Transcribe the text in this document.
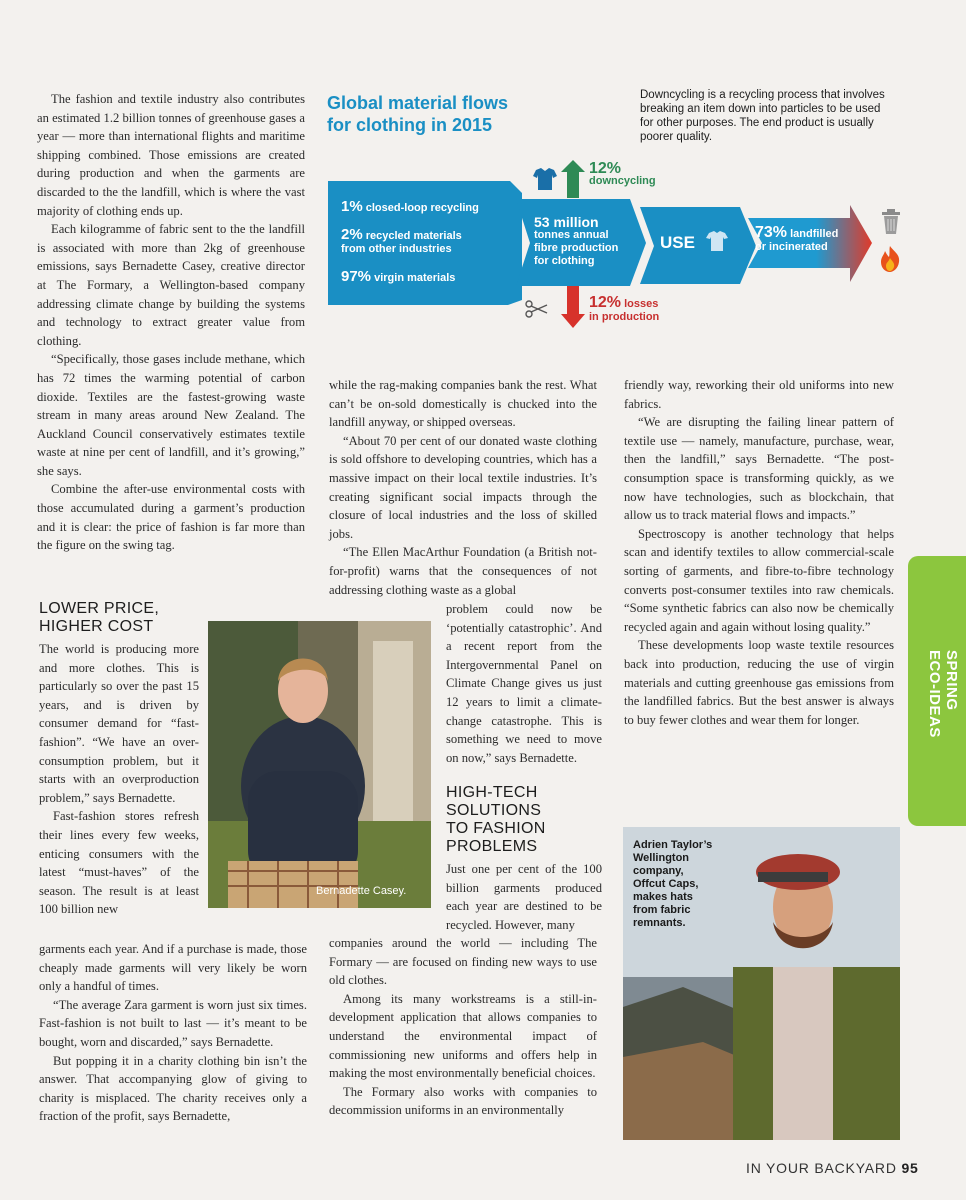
Global material flows
for clothing in 2015
Downcycling is a recycling process that involves breaking an item down into particles to be used for other purposes. The end product is usually poorer quality.
1% closed-loop recycling
2% recycled materials
from other industries
97% virgin materials
53 million
tonnes annual
fibre production
for clothing
USE
73% landfilled
or incinerated
12%
downcycling
12% losses
in production

The fashion and textile industry also contributes an estimated 1.2 billion tonnes of greenhouse gases a year — more than international flights and maritime shipping combined. Those emissions are created during production and when the garments are discarded to the the landfill, which is where the vast majority of clothing ends up.

Each kilogramme of fabric sent to the the landfill is associated with more than 2kg of greenhouse emissions, says Bernadette Casey, creative director at The Formary, a Wellington-based company addressing climate change by building the systems and technology to extract greater value from clothing.

“Specifically, those gases include methane, which has 72 times the warming potential of carbon dioxide. Textiles are the fastest-growing waste stream in many areas around New Zealand. The Auckland Council conservatively estimates textile waste at nine per cent of landfill, and it’s growing,” she says.

Combine the after-use environmental costs with those accumulated during a garment’s production and it is clear: the price of fashion is far more than the figure on the swing tag.

LOWER PRICE,
HIGHER COST

The world is producing more and more clothes. This is particularly so over the past 15 years, and is driven by consumer demand for “fast-fashion”. “We have an over-consumption problem, but it starts with an overproduction problem,” says Bernadette.

Fast-fashion stores refresh their lines every few weeks, enticing consumers with the latest “must-haves” of the season. The result is at least 100 billion new

garments each year. And if a purchase is made, those cheaply made garments will very likely be worn only a handful of times.

“The average Zara garment is worn just six times. Fast-fashion is not built to last — it’s meant to be bought, worn and discarded,” says Bernadette.

But popping it in a charity clothing bin isn’t the answer. That accompanying glow of giving to charity is misplaced. The charity receives only a fraction of the profit, says Bernadette,

Bernadette Casey.

while the rag-making companies bank the rest. What can’t be on-sold domestically is chucked into the landfill anyway, or shipped overseas.

“About 70 per cent of our donated waste clothing is sold offshore to developing countries, which has a massive impact on their local textile industries. It’s creating significant social impacts through the closure of local industries and the loss of skilled jobs.

“The Ellen MacArthur Foundation (a British not-for-profit) warns that the consequences of not addressing clothing waste as a global

problem could now be ‘potentially catastrophic’. And a recent report from the Intergovernmental Panel on Climate Change gives us just 12 years to limit a climate-change catastrophe. This is something we need to move on now,” says Bernadette.

HIGH-TECH
SOLUTIONS
TO FASHION
PROBLEMS

Just one per cent of the 100 billion garments produced each year are destined to be recycled. However, many

companies around the world — including The Formary — are focused on finding new ways to use old clothes.

Among its many workstreams is a still-in-development application that allows companies to understand the environmental impact of commissioning new uniforms and offers help in making the most environmentally beneficial choices.

The Formary also works with companies to decommission uniforms in an environmentally

friendly way, reworking their old uniforms into new fabrics.

“We are disrupting the failing linear pattern of textile use — namely, manufacture, purchase, wear, then the landfill,” says Bernadette. “The post-consumption space is transforming quickly, as we now have technologies, such as blockchain, that allow us to track material flows and impacts.”

Spectroscopy is another technology that helps scan and identify textiles to allow commercial-scale sorting of garments, and fibre-to-fibre technology converts post-consumer textiles into raw chemicals. “Some synthetic fabrics can also now be chemically recycled again and again without losing quality.”

These developments loop waste textile resources back into production, reducing the use of virgin materials and cutting greenhouse gas emissions from the landfilled fabrics. But the best answer is always to buy fewer clothes and wear them for longer.

Adrien Taylor’s
Wellington
company,
Offcut Caps,
makes hats
from fabric
remnants.
SPRING
ECO-IDEAS
IN YOUR BACKYARD 95
